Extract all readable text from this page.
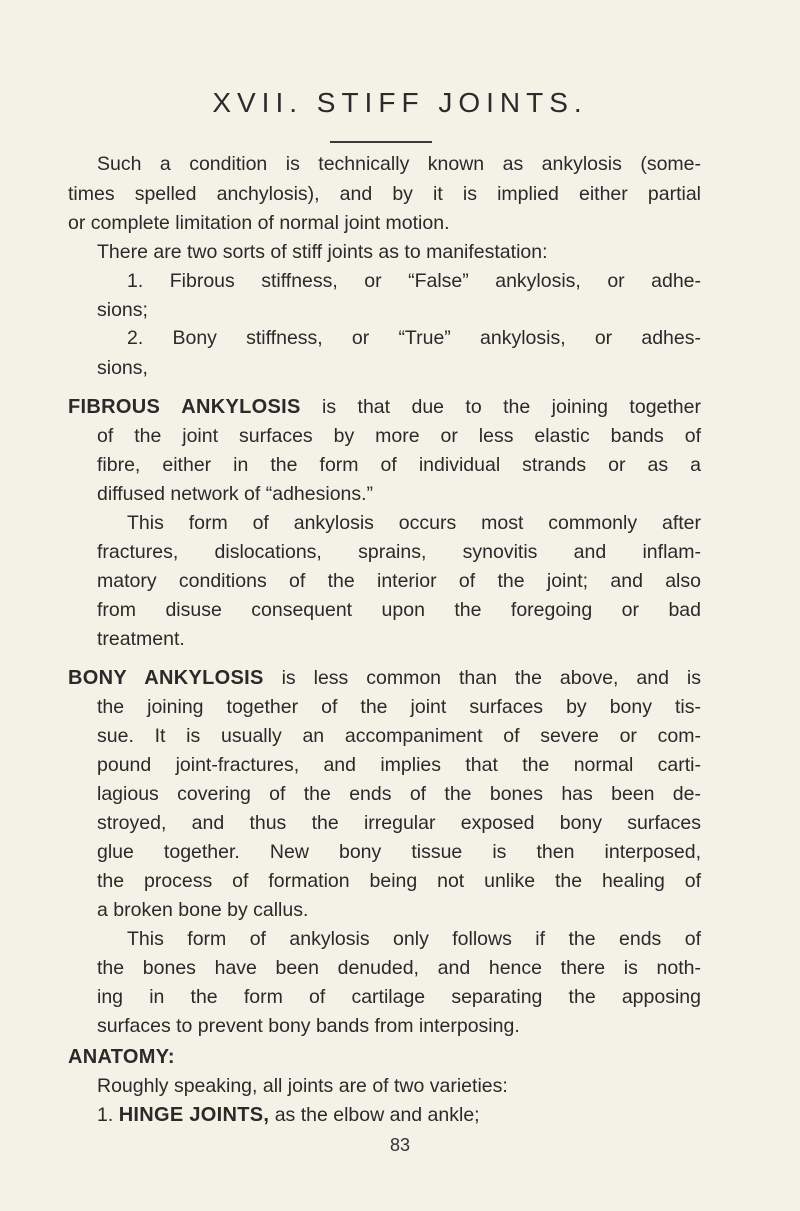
XVII. STIFF JOINTS.

Such a condition is technically known as ankylosis (some-

times spelled anchylosis), and by it is implied either partial

or complete limitation of normal joint motion.

There are two sorts of stiff joints as to manifestation:

1. Fibrous stiffness, or “False” ankylosis, or adhe-

sions;

2. Bony stiffness, or “True” ankylosis, or adhes-

sions,

FIBROUS ANKYLOSIS is that due to the joining together

of the joint surfaces by more or less elastic bands of

fibre, either in the form of individual strands or as a

diffused network of “adhesions.”

This form of ankylosis occurs most commonly after

fractures, dislocations, sprains, synovitis and inflam-

matory conditions of the interior of the joint; and also

from disuse consequent upon the foregoing or bad

treatment.

BONY ANKYLOSIS is less common than the above, and is

the joining together of the joint surfaces by bony tis-

sue. It is usually an accompaniment of severe or com-

pound joint-fractures, and implies that the normal carti-

lagious covering of the ends of the bones has been de-

stroyed, and thus the irregular exposed bony surfaces

glue together. New bony tissue is then interposed,

the process of formation being not unlike the healing of

a broken bone by callus.

This form of ankylosis only follows if the ends of

the bones have been denuded, and hence there is noth-

ing in the form of cartilage separating the apposing

surfaces to prevent bony bands from interposing.

ANATOMY:

Roughly speaking, all joints are of two varieties:

1. HINGE JOINTS, as the elbow and ankle;

83
